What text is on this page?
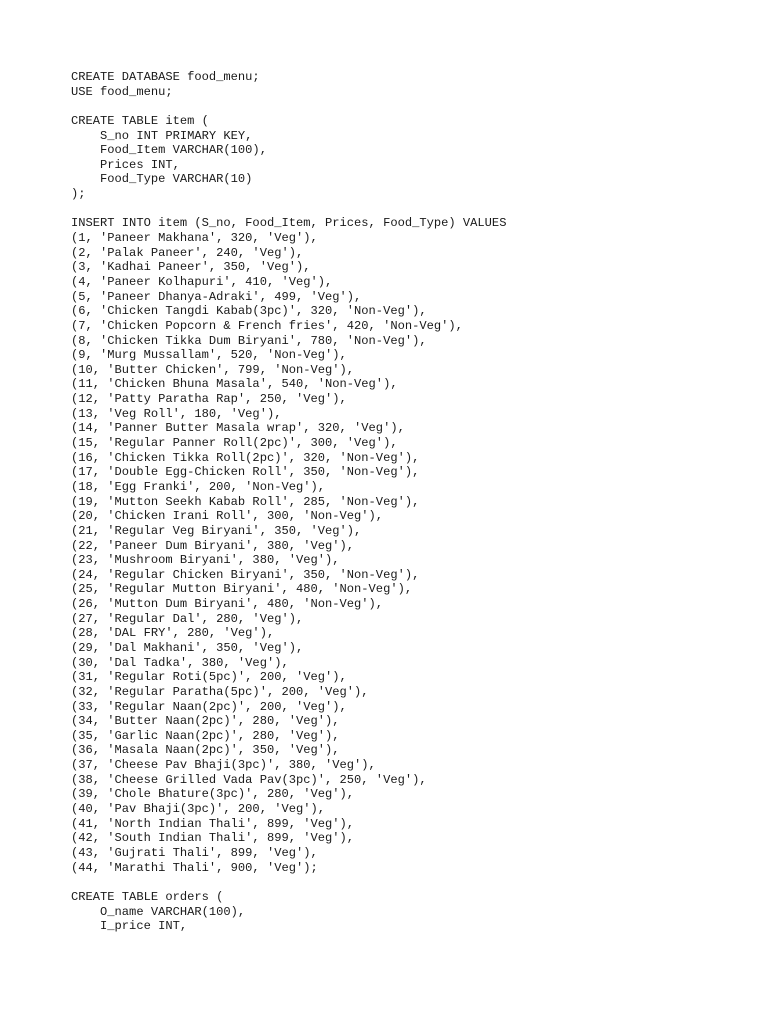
CREATE DATABASE food_menu;
USE food_menu;
CREATE TABLE item (
S_no INT PRIMARY KEY,
Food_Item VARCHAR(100),
Prices INT,
Food_Type VARCHAR(10)
);
INSERT INTO item (S_no, Food_Item, Prices, Food_Type) VALUES
(1, 'Paneer Makhana', 320, 'Veg'),
(2, 'Palak Paneer', 240, 'Veg'),
(3, 'Kadhai Paneer', 350, 'Veg'),
(4, 'Paneer Kolhapuri', 410, 'Veg'),
(5, 'Paneer Dhanya-Adraki', 499, 'Veg'),
(6, 'Chicken Tangdi Kabab(3pc)', 320, 'Non-Veg'),
(7, 'Chicken Popcorn & French fries', 420, 'Non-Veg'),
(8, 'Chicken Tikka Dum Biryani', 780, 'Non-Veg'),
(9, 'Murg Mussallam', 520, 'Non-Veg'),
(10, 'Butter Chicken', 799, 'Non-Veg'),
(11, 'Chicken Bhuna Masala', 540, 'Non-Veg'),
(12, 'Patty Paratha Rap', 250, 'Veg'),
(13, 'Veg Roll', 180, 'Veg'),
(14, 'Panner Butter Masala wrap', 320, 'Veg'),
(15, 'Regular Panner Roll(2pc)', 300, 'Veg'),
(16, 'Chicken Tikka Roll(2pc)', 320, 'Non-Veg'),
(17, 'Double Egg-Chicken Roll', 350, 'Non-Veg'),
(18, 'Egg Franki', 200, 'Non-Veg'),
(19, 'Mutton Seekh Kabab Roll', 285, 'Non-Veg'),
(20, 'Chicken Irani Roll', 300, 'Non-Veg'),
(21, 'Regular Veg Biryani', 350, 'Veg'),
(22, 'Paneer Dum Biryani', 380, 'Veg'),
(23, 'Mushroom Biryani', 380, 'Veg'),
(24, 'Regular Chicken Biryani', 350, 'Non-Veg'),
(25, 'Regular Mutton Biryani', 480, 'Non-Veg'),
(26, 'Mutton Dum Biryani', 480, 'Non-Veg'),
(27, 'Regular Dal', 280, 'Veg'),
(28, 'DAL FRY', 280, 'Veg'),
(29, 'Dal Makhani', 350, 'Veg'),
(30, 'Dal Tadka', 380, 'Veg'),
(31, 'Regular Roti(5pc)', 200, 'Veg'),
(32, 'Regular Paratha(5pc)', 200, 'Veg'),
(33, 'Regular Naan(2pc)', 200, 'Veg'),
(34, 'Butter Naan(2pc)', 280, 'Veg'),
(35, 'Garlic Naan(2pc)', 280, 'Veg'),
(36, 'Masala Naan(2pc)', 350, 'Veg'),
(37, 'Cheese Pav Bhaji(3pc)', 380, 'Veg'),
(38, 'Cheese Grilled Vada Pav(3pc)', 250, 'Veg'),
(39, 'Chole Bhature(3pc)', 280, 'Veg'),
(40, 'Pav Bhaji(3pc)', 200, 'Veg'),
(41, 'North Indian Thali', 899, 'Veg'),
(42, 'South Indian Thali', 899, 'Veg'),
(43, 'Gujrati Thali', 899, 'Veg'),
(44, 'Marathi Thali', 900, 'Veg');
CREATE TABLE orders (
O_name VARCHAR(100),
I_price INT,
